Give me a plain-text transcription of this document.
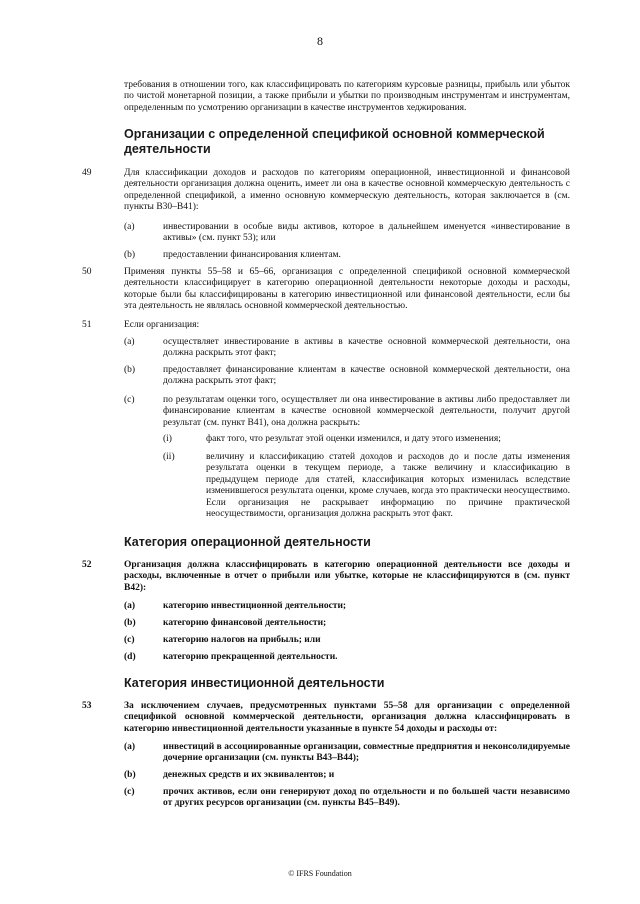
8
требования в отношении того, как классифицировать по категориям курсовые разницы, прибыль или убыток по чистой монетарной позиции, а также прибыли и убытки по производным инструментам и инструментам, определенным по усмотрению организации в качестве инструментов хеджирования.
Организации с определенной спецификой основной коммерческой деятельности
49	Для классификации доходов и расходов по категориям операционной, инвестиционной и финансовой деятельности организация должна оценить, имеет ли она в качестве основной коммерческую деятельность с определенной спецификой, а именно основную коммерческую деятельность, которая заключается в (см. пункты B30–B41):
(a)	инвестировании в особые виды активов, которое в дальнейшем именуется «инвестирование в активы» (см. пункт 53); или
(b)	предоставлении финансирования клиентам.
50	Применяя пункты 55–58 и 65–66, организация с определенной спецификой основной коммерческой деятельности классифицирует в категорию операционной деятельности некоторые доходы и расходы, которые были бы классифицированы в категорию инвестиционной или финансовой деятельности, если бы эта деятельность не являлась основной коммерческой деятельностью.
51	Если организация:
(a)	осуществляет инвестирование в активы в качестве основной коммерческой деятельности, она должна раскрыть этот факт;
(b)	предоставляет финансирование клиентам в качестве основной коммерческой деятельности, она должна раскрыть этот факт;
(c)	по результатам оценки того, осуществляет ли она инвестирование в активы либо предоставляет ли финансирование клиентам в качестве основной коммерческой деятельности, получит другой результат (см. пункт B41), она должна раскрыть:
(i)	факт того, что результат этой оценки изменился, и дату этого изменения;
(ii)	величину и классификацию статей доходов и расходов до и после даты изменения результата оценки в текущем периоде, а также величину и классификацию в предыдущем периоде для статей, классификация которых изменилась вследствие изменившегося результата оценки, кроме случаев, когда это практически неосуществимо. Если организация не раскрывает информацию по причине практической неосуществимости, организация должна раскрыть этот факт.
Категория операционной деятельности
52	Организация должна классифицировать в категорию операционной деятельности все доходы и расходы, включенные в отчет о прибыли или убытке, которые не классифицируются в (см. пункт B42):
(a)	категорию инвестиционной деятельности;
(b)	категорию финансовой деятельности;
(c)	категорию налогов на прибыль; или
(d)	категорию прекращенной деятельности.
Категория инвестиционной деятельности
53	За исключением случаев, предусмотренных пунктами 55–58 для организации с определенной спецификой основной коммерческой деятельности, организация должна классифицировать в категорию инвестиционной деятельности указанные в пункте 54 доходы и расходы от:
(a)	инвестиций в ассоциированные организации, совместные предприятия и неконсолидируемые дочерние организации (см. пункты B43–B44);
(b)	денежных средств и их эквивалентов; и
(c)	прочих активов, если они генерируют доход по отдельности и по большей части независимо от других ресурсов организации (см. пункты B45–B49).
© IFRS Foundation
